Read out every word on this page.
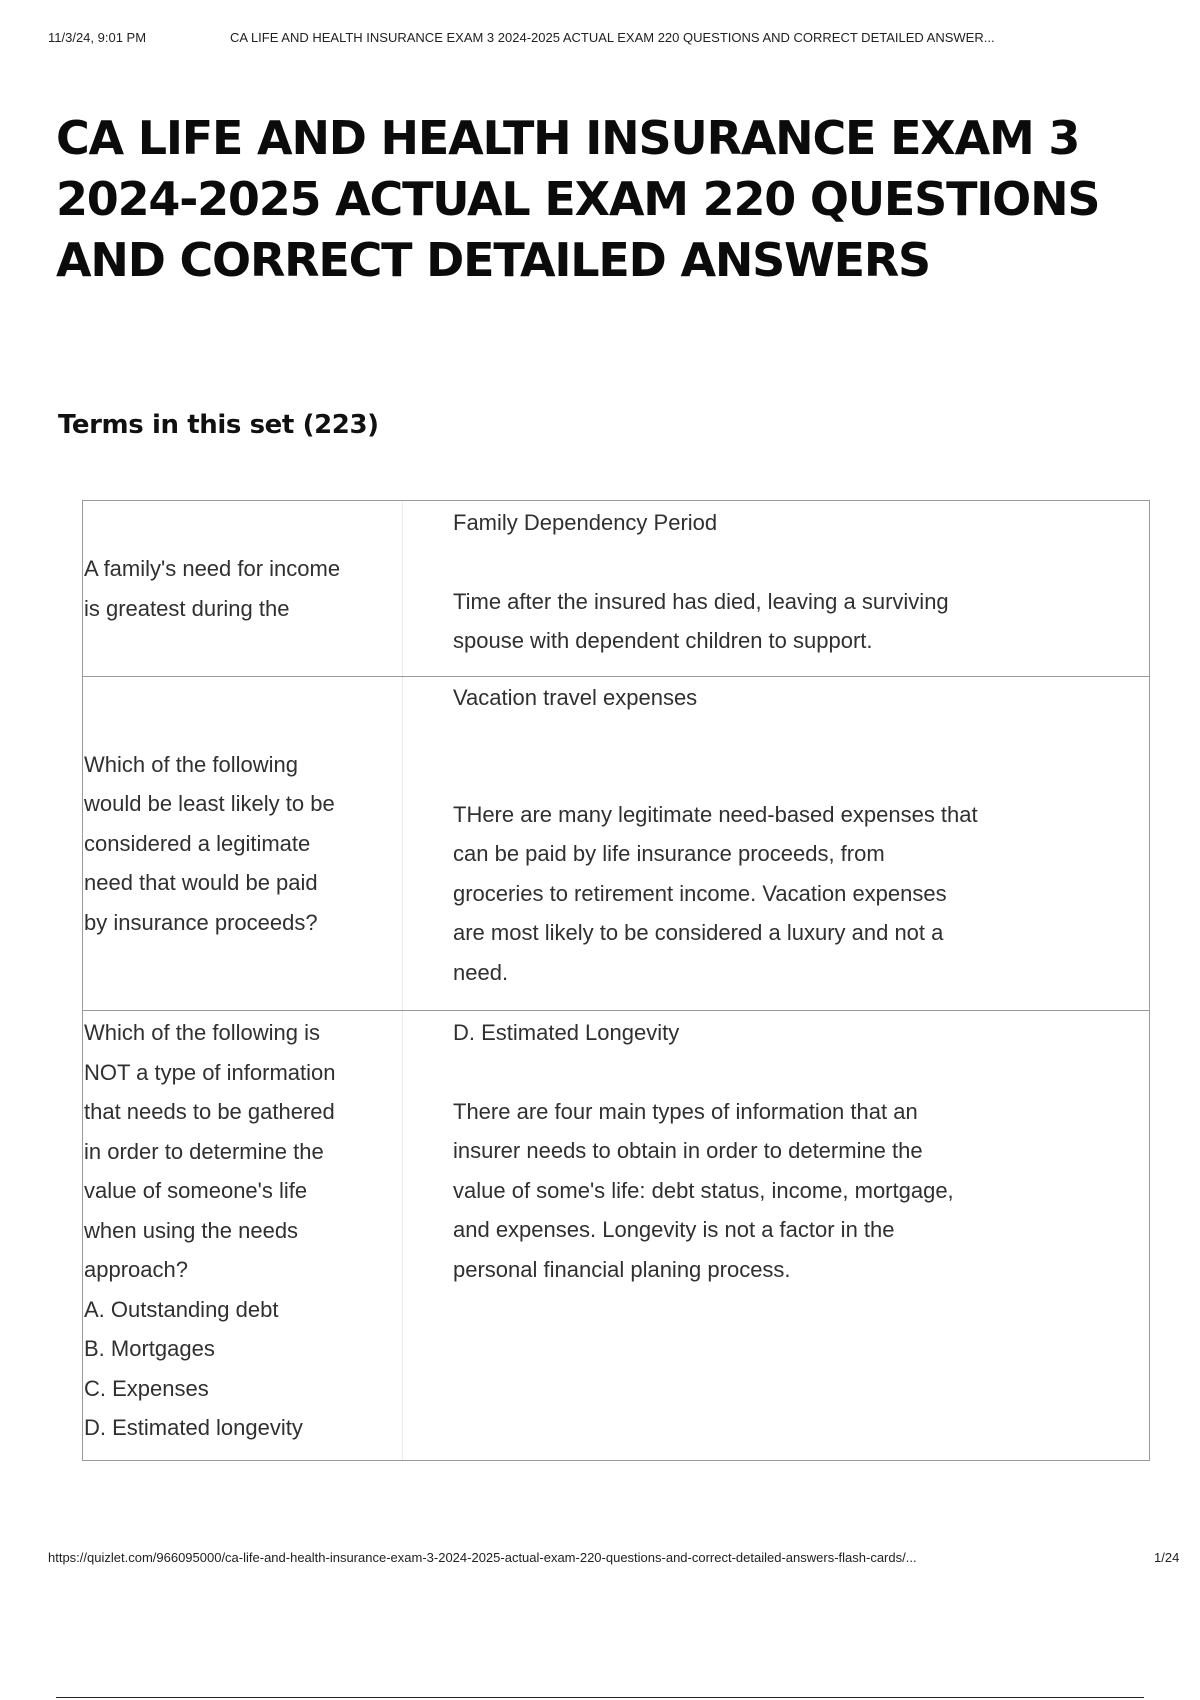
11/3/24, 9:01 PM	CA LIFE AND HEALTH INSURANCE EXAM 3 2024-2025 ACTUAL EXAM 220 QUESTIONS AND CORRECT DETAILED ANSWER...
CA LIFE AND HEALTH INSURANCE EXAM 3 2024-2025 ACTUAL EXAM 220 QUESTIONS AND CORRECT DETAILED ANSWERS
Terms in this set (223)
A family's need for income
is greatest during the

Family Dependency Period

Time after the insured has died, leaving a surviving
spouse with dependent children to support.

Which of the following
would be least likely to be
considered a legitimate
need that would be paid
by insurance proceeds?

Vacation travel expenses

THere are many legitimate need-based expenses that
can be paid by life insurance proceeds, from
groceries to retirement income. Vacation expenses
are most likely to be considered a luxury and not a
need.

Which of the following is
NOT a type of information
that needs to be gathered
in order to determine the
value of someone's life
when using the needs
approach?
A. Outstanding debt
B. Mortgages
C. Expenses
D. Estimated longevity

D. Estimated Longevity

There are four main types of information that an
insurer needs to obtain in order to determine the
value of some's life: debt status, income, mortgage,
and expenses. Longevity is not a factor in the
personal financial planing process.

https://quizlet.com/966095000/ca-life-and-health-insurance-exam-3-2024-2025-actual-exam-220-questions-and-correct-detailed-answers-flash-cards/...	1/24
